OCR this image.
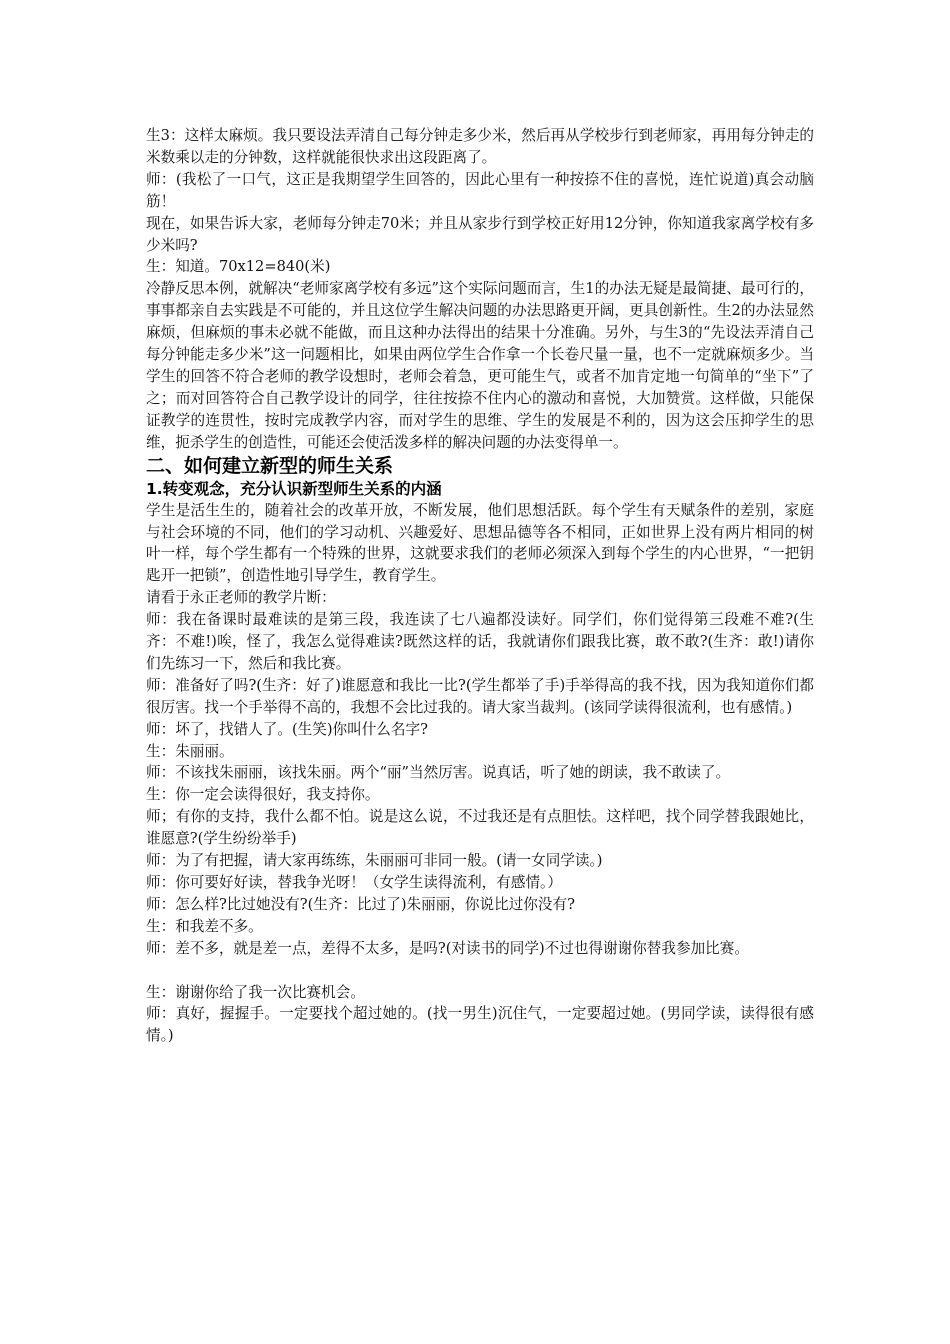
生3：这样太麻烦。我只要设法弄清自己每分钟走多少米，然后再从学校步行到老师家，再用每分钟走的米数乘以走的分钟数，这样就能很快求出这段距离了。

师：(我松了一口气，这正是我期望学生回答的，因此心里有一种按捺不住的喜悦，连忙说道)真会动脑筋！

现在，如果告诉大家，老师每分钟走70米；并且从家步行到学校正好用12分钟，你知道我家离学校有多少米吗?

生：知道。70x12=840(米)

冷静反思本例，就解决“老师家离学校有多远”这个实际问题而言，生1的办法无疑是最简捷、最可行的，事事都亲自去实践是不可能的，并且这位学生解决问题的办法思路更开阔，更具创新性。生2的办法显然麻烦，但麻烦的事未必就不能做，而且这种办法得出的结果十分准确。另外，与生3的“先设法弄清自己每分钟能走多少米”这一问题相比，如果由两位学生合作拿一个长卷尺量一量，也不一定就麻烦多少。当学生的回答不符合老师的教学设想时，老师会着急，更可能生气，或者不加肯定地一句简单的“坐下”了之；而对回答符合自己教学设计的同学，往往按捺不住内心的激动和喜悦，大加赞赏。这样做，只能保证教学的连贯性，按时完成教学内容，而对学生的思维、学生的发展是不利的，因为这会压抑学生的思维，扼杀学生的创造性，可能还会使活泼多样的解决问题的办法变得单一。

二、如何建立新型的师生关系
1.转变观念，充分认识新型师生关系的内涵

学生是活生生的，随着社会的改革开放，不断发展，他们思想活跃。每个学生有天赋条件的差别，家庭与社会环境的不同，他们的学习动机、兴趣爱好、思想品德等各不相同，正如世界上没有两片相同的树叶一样，每个学生都有一个特殊的世界，这就要求我们的老师必须深入到每个学生的内心世界，“一把钥匙开一把锁”，创造性地引导学生，教育学生。

请看于永正老师的教学片断：

师：我在备课时最难读的是第三段，我连读了七八遍都没读好。同学们，你们觉得第三段难不难?(生齐：不难!)唉，怪了，我怎么觉得难读?既然这样的话，我就请你们跟我比赛，敢不敢?(生齐：敢!)请你们先练习一下，然后和我比赛。

师：准备好了吗?(生齐：好了)谁愿意和我比一比?(学生都举了手)手举得高的我不找，因为我知道你们都很厉害。找一个手举得不高的，我想不会比过我的。请大家当裁判。(该同学读得很流利，也有感情。)

师：坏了，找错人了。(生笑)你叫什么名字?

生：朱丽丽。

师：不该找朱丽丽，该找朱丽。两个“丽”当然厉害。说真话，听了她的朗读，我不敢读了。

生：你一定会读得很好，我支持你。

师；有你的支持，我什么都不怕。说是这么说，不过我还是有点胆怯。这样吧，找个同学替我跟她比，谁愿意?(学生纷纷举手)

师：为了有把握，请大家再练练，朱丽丽可非同一般。(请一女同学读。)

师：你可要好好读，替我争光呀！（女学生读得流利，有感情。）

师：怎么样?比过她没有?(生齐：比过了)朱丽丽，你说比过你没有?

生：和我差不多。

师：差不多，就是差一点，差得不太多，是吗?(对读书的同学)不过也得谢谢你替我参加比赛。

生：谢谢你给了我一次比赛机会。

师：真好，握握手。一定要找个超过她的。(找一男生)沉住气，一定要超过她。(男同学读，读得很有感情。)
